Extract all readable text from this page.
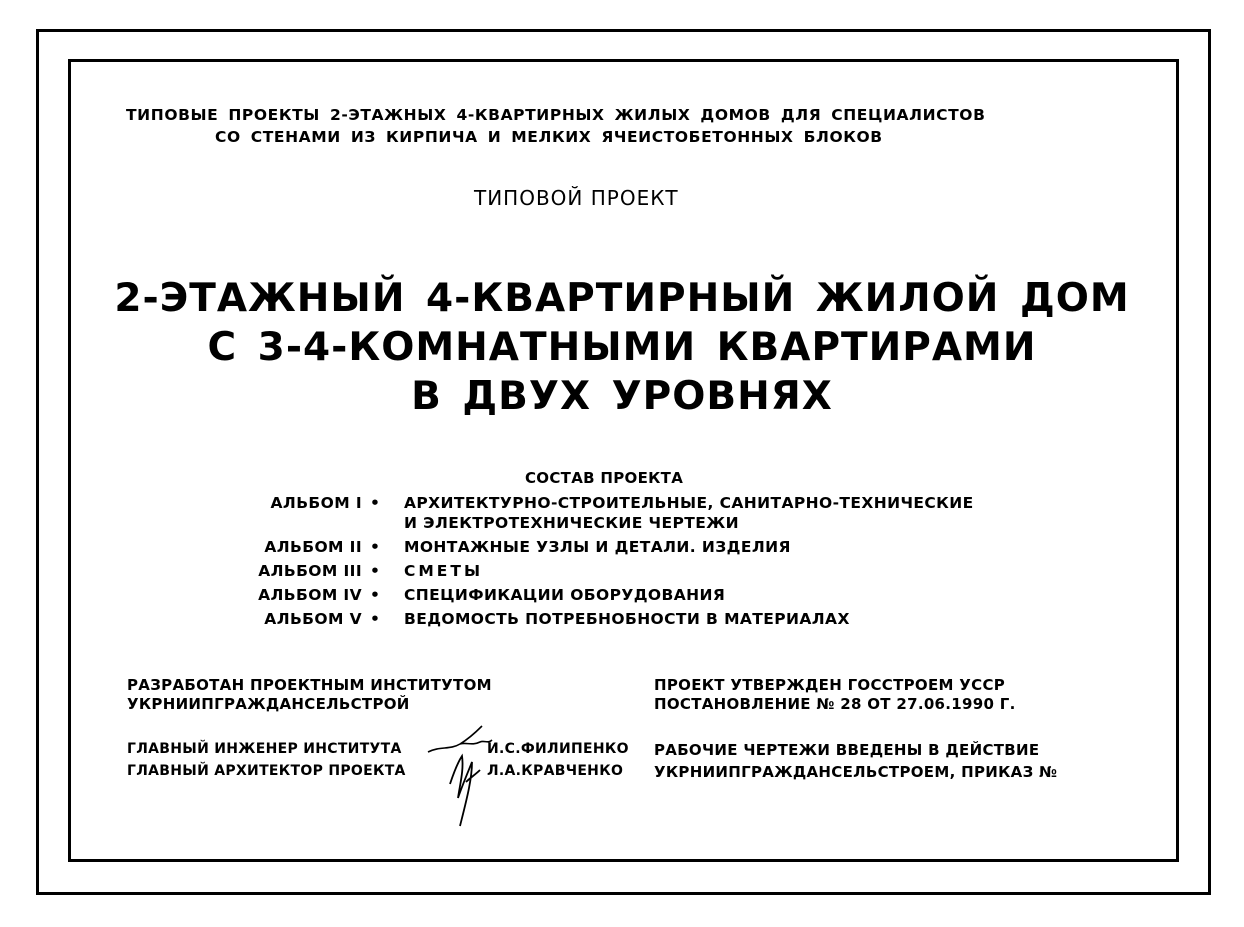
ТИПОВЫЕ ПРОЕКТЫ 2-ЭТАЖНЫХ 4-КВАРТИРНЫХ ЖИЛЫХ ДОМОВ ДЛЯ СПЕЦИАЛИСТОВ
СО СТЕНАМИ ИЗ КИРПИЧА И МЕЛКИХ ЯЧЕИСТОБЕТОННЫХ БЛОКОВ
ТИПОВОЙ ПРОЕКТ
2-ЭТАЖНЫЙ 4-КВАРТИРНЫЙ ЖИЛОЙ ДОМ
С 3-4-КОМНАТНЫМИ КВАРТИРАМИ
В ДВУХ УРОВНЯХ
СОСТАВ ПРОЕКТА
АЛЬБОМ I • АРХИТЕКТУРНО-СТРОИТЕЛЬНЫЕ, САНИТАРНО-ТЕХНИЧЕСКИЕ
И ЭЛЕКТРОТЕХНИЧЕСКИЕ ЧЕРТЕЖИ
АЛЬБОМ II • МОНТАЖНЫЕ УЗЛЫ И ДЕТАЛИ. ИЗДЕЛИЯ
АЛЬБОМ III • СМЕТЫ
АЛЬБОМ IV • СПЕЦИФИКАЦИИ ОБОРУДОВАНИЯ
АЛЬБОМ V • ВЕДОМОСТЬ ПОТРЕБНОБНОСТИ В МАТЕРИАЛАХ
РАЗРАБОТАН ПРОЕКТНЫМ ИНСТИТУТОМ
УКРНИИПГРАЖДАНСЕЛЬСТРОЙ
ПРОЕКТ УТВЕРЖДЕН ГОССТРОЕМ УССР
ПОСТАНОВЛЕНИЕ № 28 ОТ 27.06.1990 Г.
ГЛАВНЫЙ ИНЖЕНЕР ИНСТИТУТА	И.С.ФИЛИПЕНКО
ГЛАВНЫЙ АРХИТЕКТОР ПРОЕКТА	Л.А.КРАВЧЕНКО
РАБОЧИЕ ЧЕРТЕЖИ ВВЕДЕНЫ В ДЕЙСТВИЕ
УКРНИИПГРАЖДАНСЕЛЬСТРОЕМ, ПРИКАЗ №
